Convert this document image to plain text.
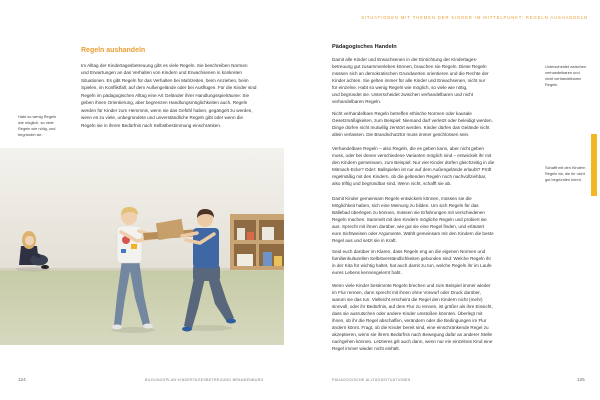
Regeln aushandeln
Im Alltag der Kindertagesbetreuung gibt es viele Regeln. Sie beschreiben Normen
und Erwartungen an das Verhalten von Kindern und Erwachsenen in konkreten
Situationen. Es gibt Regeln für das Verhalten bei Mahlzeiten, beim Anziehen, beim
Spielen, im Konfliktfall, auf dem Außengelände oder bei Ausflügen. Für die Kinder sind
Regeln im pädagogischen Alltag eine Art Geländer ihrer Handlungsspielräume: Sie
geben ihnen Orientierung, aber begrenzen Handlungsmöglichkeiten auch. Regeln
werden für Kinder zum Hemmnis, wenn sie das Gefühl haben, gegängelt zu werden,
wenn es zu viele, unbegründete und unverständliche Regeln gibt oder wenn die
Regeln sie in ihrem Bedürfnis nach Selbstbestimmung einschränken.
Habt so wenig Regeln
wie möglich, so viele
Regeln wie nötig, und
begründet sie.
124	BILDUNGSPLAN KINDERTAGESBETREUUNG BRANDENBURG
SITUATIONEN MIT THEMEN DER KINDER IM MITTELPUNKT: REGELN AUSHANDELN
Pädagogisches Handeln
Damit alle Kinder und Erwachsenen in der Einrichtung der Kindertages-
betreuung gut zusammenleben können, brauchen sie Regeln. Diese Regeln
müssen sich an demokratischen Grundwerten orientieren und die Rechte der
Kinder achten. Sie gelten immer für alle Kinder und Erwachsenen, nicht nur
für einzelne. Habt so wenig Regeln wie möglich, so viele wie nötig,
und begründet sie. Unterscheidet zwischen verhandelbaren und nicht
verhandelbaren Regeln.
Nicht verhandelbare Regeln betreffen ethische Normen oder kausale
Gesetzmäßigkeiten, zum Beispiel: Niemand darf verletzt oder beleidigt werden.
Dinge dürfen nicht mutwillig zerstört werden. Kinder dürfen das Gelände nicht
allein verlassen. Die Brandschutztür muss immer geschlossen sein.
Verhandelbare Regeln – also Regeln, die es geben kann, aber nicht geben
muss, oder bei denen verschiedene Varianten möglich sind – entwickelt ihr mit
den Kindern gemeinsam, zum Beispiel: Nur vier Kinder dürfen gleichzeitig in die
Mitmach-Ecke? Oder: Ballspielen ist nur auf dem Außengelände erlaubt? Prüft
regelmäßig mit den Kindern, ob die geltenden Regeln noch nachvollziehbar,
also triftig und begründbar sind. Wenn nicht, schafft sie ab.
Damit Kinder gemeinsam Regeln entwickeln können, müssen sie die
Möglichkeit haben, sich eine Meinung zu bilden. Um sich Regeln für das
Bällebad überlegen zu können, müssen sie Erfahrungen mit verschiedenen
Regeln machen. Sammelt mit den Kindern mögliche Regeln und probiert sie
aus. Sprecht mit ihnen darüber, wie gut sie eine Regel finden, und erläutert
eure Sichtweisen oder Argumente. Wählt gemeinsam mit den Kindern die beste
Regel aus und setzt sie in Kraft.
Seid euch darüber im Klaren, dass Regeln eng an die eigenen Normen und
familienkulturellen Selbstverständlichkeiten gebunden sind: Welche Regeln ihr
in der Kita für wichtig haltet, hat auch damit zu tun, welche Regeln ihr im Laufe
eures Lebens kennengelernt habt.
Wenn viele Kinder bestimmte Regeln brechen und zum Beispiel immer wieder
im Flur rennen, dann sprecht mit ihnen ohne Vorwurf oder Druck darüber,
warum sie das tun. Vielleicht erscheint die Regel den Kindern nicht (mehr)
sinnvoll, oder ihr Bedürfnis, auf dem Flur zu rennen, ist größer als ihre Einsicht,
dass sie ausrutschen oder andere Kinder umstoßen könnten. Überlegt mit
ihnen, ob ihr die Regel abschaffen, verändern oder die Bedingungen im Flur
ändern könnt. Fragt, ob die Kinder bereit sind, eine einschränkende Regel zu
akzeptieren, wenn sie ihrem Bedürfnis nach Bewegung dafür an anderer Stelle
nachgehen können. Letzteres gilt auch dann, wenn nur ein einzelnes Kind eine
Regel immer wieder nicht einhält.
Unterscheidet zwischen
verhandelbaren und
nicht verhandelbaren
Regeln.
Schafft mit den Kindern
Regeln ab, die ihr nicht
gut begründen könnt.
PÄDAGOGISCHE ALLTAGSSITUATIONEN	125
